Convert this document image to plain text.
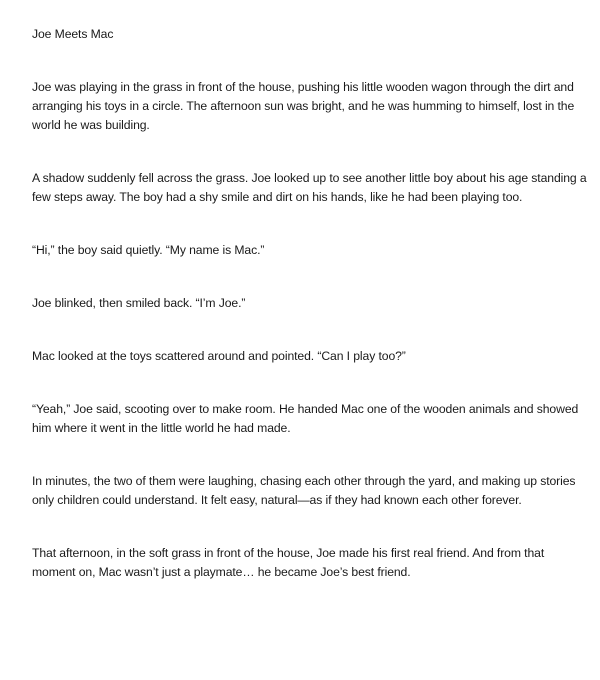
Joe Meets Mac

Joe was playing in the grass in front of the house, pushing his little wooden wagon through the dirt and arranging his toys in a circle. The afternoon sun was bright, and he was humming to himself, lost in the world he was building.

A shadow suddenly fell across the grass. Joe looked up to see another little boy about his age standing a few steps away. The boy had a shy smile and dirt on his hands, like he had been playing too.

“Hi,” the boy said quietly. “My name is Mac.”

Joe blinked, then smiled back. “I’m Joe.”

Mac looked at the toys scattered around and pointed. “Can I play too?”

“Yeah,” Joe said, scooting over to make room. He handed Mac one of the wooden animals and showed him where it went in the little world he had made.

In minutes, the two of them were laughing, chasing each other through the yard, and making up stories only children could understand. It felt easy, natural—as if they had known each other forever.

That afternoon, in the soft grass in front of the house, Joe made his first real friend. And from that moment on, Mac wasn’t just a playmate… he became Joe’s best friend.
